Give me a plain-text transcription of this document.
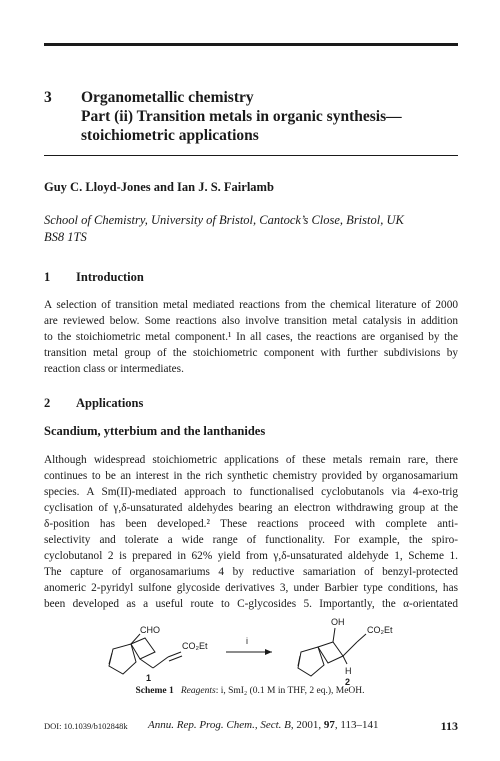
3 Organometallic chemistry
Part (ii) Transition metals in organic synthesis—
stoichiometric applications
Guy C. Lloyd-Jones and Ian J. S. Fairlamb
School of Chemistry, University of Bristol, Cantock’s Close, Bristol, UK
BS8 1TS
1 Introduction
A selection of transition metal mediated reactions from the chemical literature of 2000
are reviewed below. Some reactions also involve transition metal catalysis in addition
to the stoichiometric metal component.¹ In all cases, the reactions are organised by the
transition metal group of the stoichiometric component with further subdivisions by
reaction class or intermediates.
2 Applications
Scandium, ytterbium and the lanthanides
Although widespread stoichiometric applications of these metals remain rare, there
continues to be an interest in the rich synthetic chemistry provided by organosamarium
species. A Sm(II)-mediated approach to functionalised cyclobutanols via 4-exo-trig
cyclisation of γ,δ-unsaturated aldehydes bearing an electron withdrawing group at the
δ-position has been developed.² These reactions proceed with complete anti-
selectivity and tolerate a wide range of functionality. For example, the spiro-
cyclobutanol 2 is prepared in 62% yield from γ,δ-unsaturated aldehyde 1, Scheme 1.
The capture of organosamariums 4 by reductive samariation of benzyl-protected
anomeric 2-pyridyl sulfone glycoside derivatives 3, under Barbier type conditions, has
been developed as a useful route to C-glycosides 5. Importantly, the α-orientated
CHO
CO₂Et
1
i
OH
CO₂Et
H
2
Scheme 1 Reagents: i, SmI₂ (0.1 M in THF, 2 eq.), MeOH.
DOI: 10.1039/b102848k Annu. Rep. Prog. Chem., Sect. B, 2001, 97, 113–141	113
